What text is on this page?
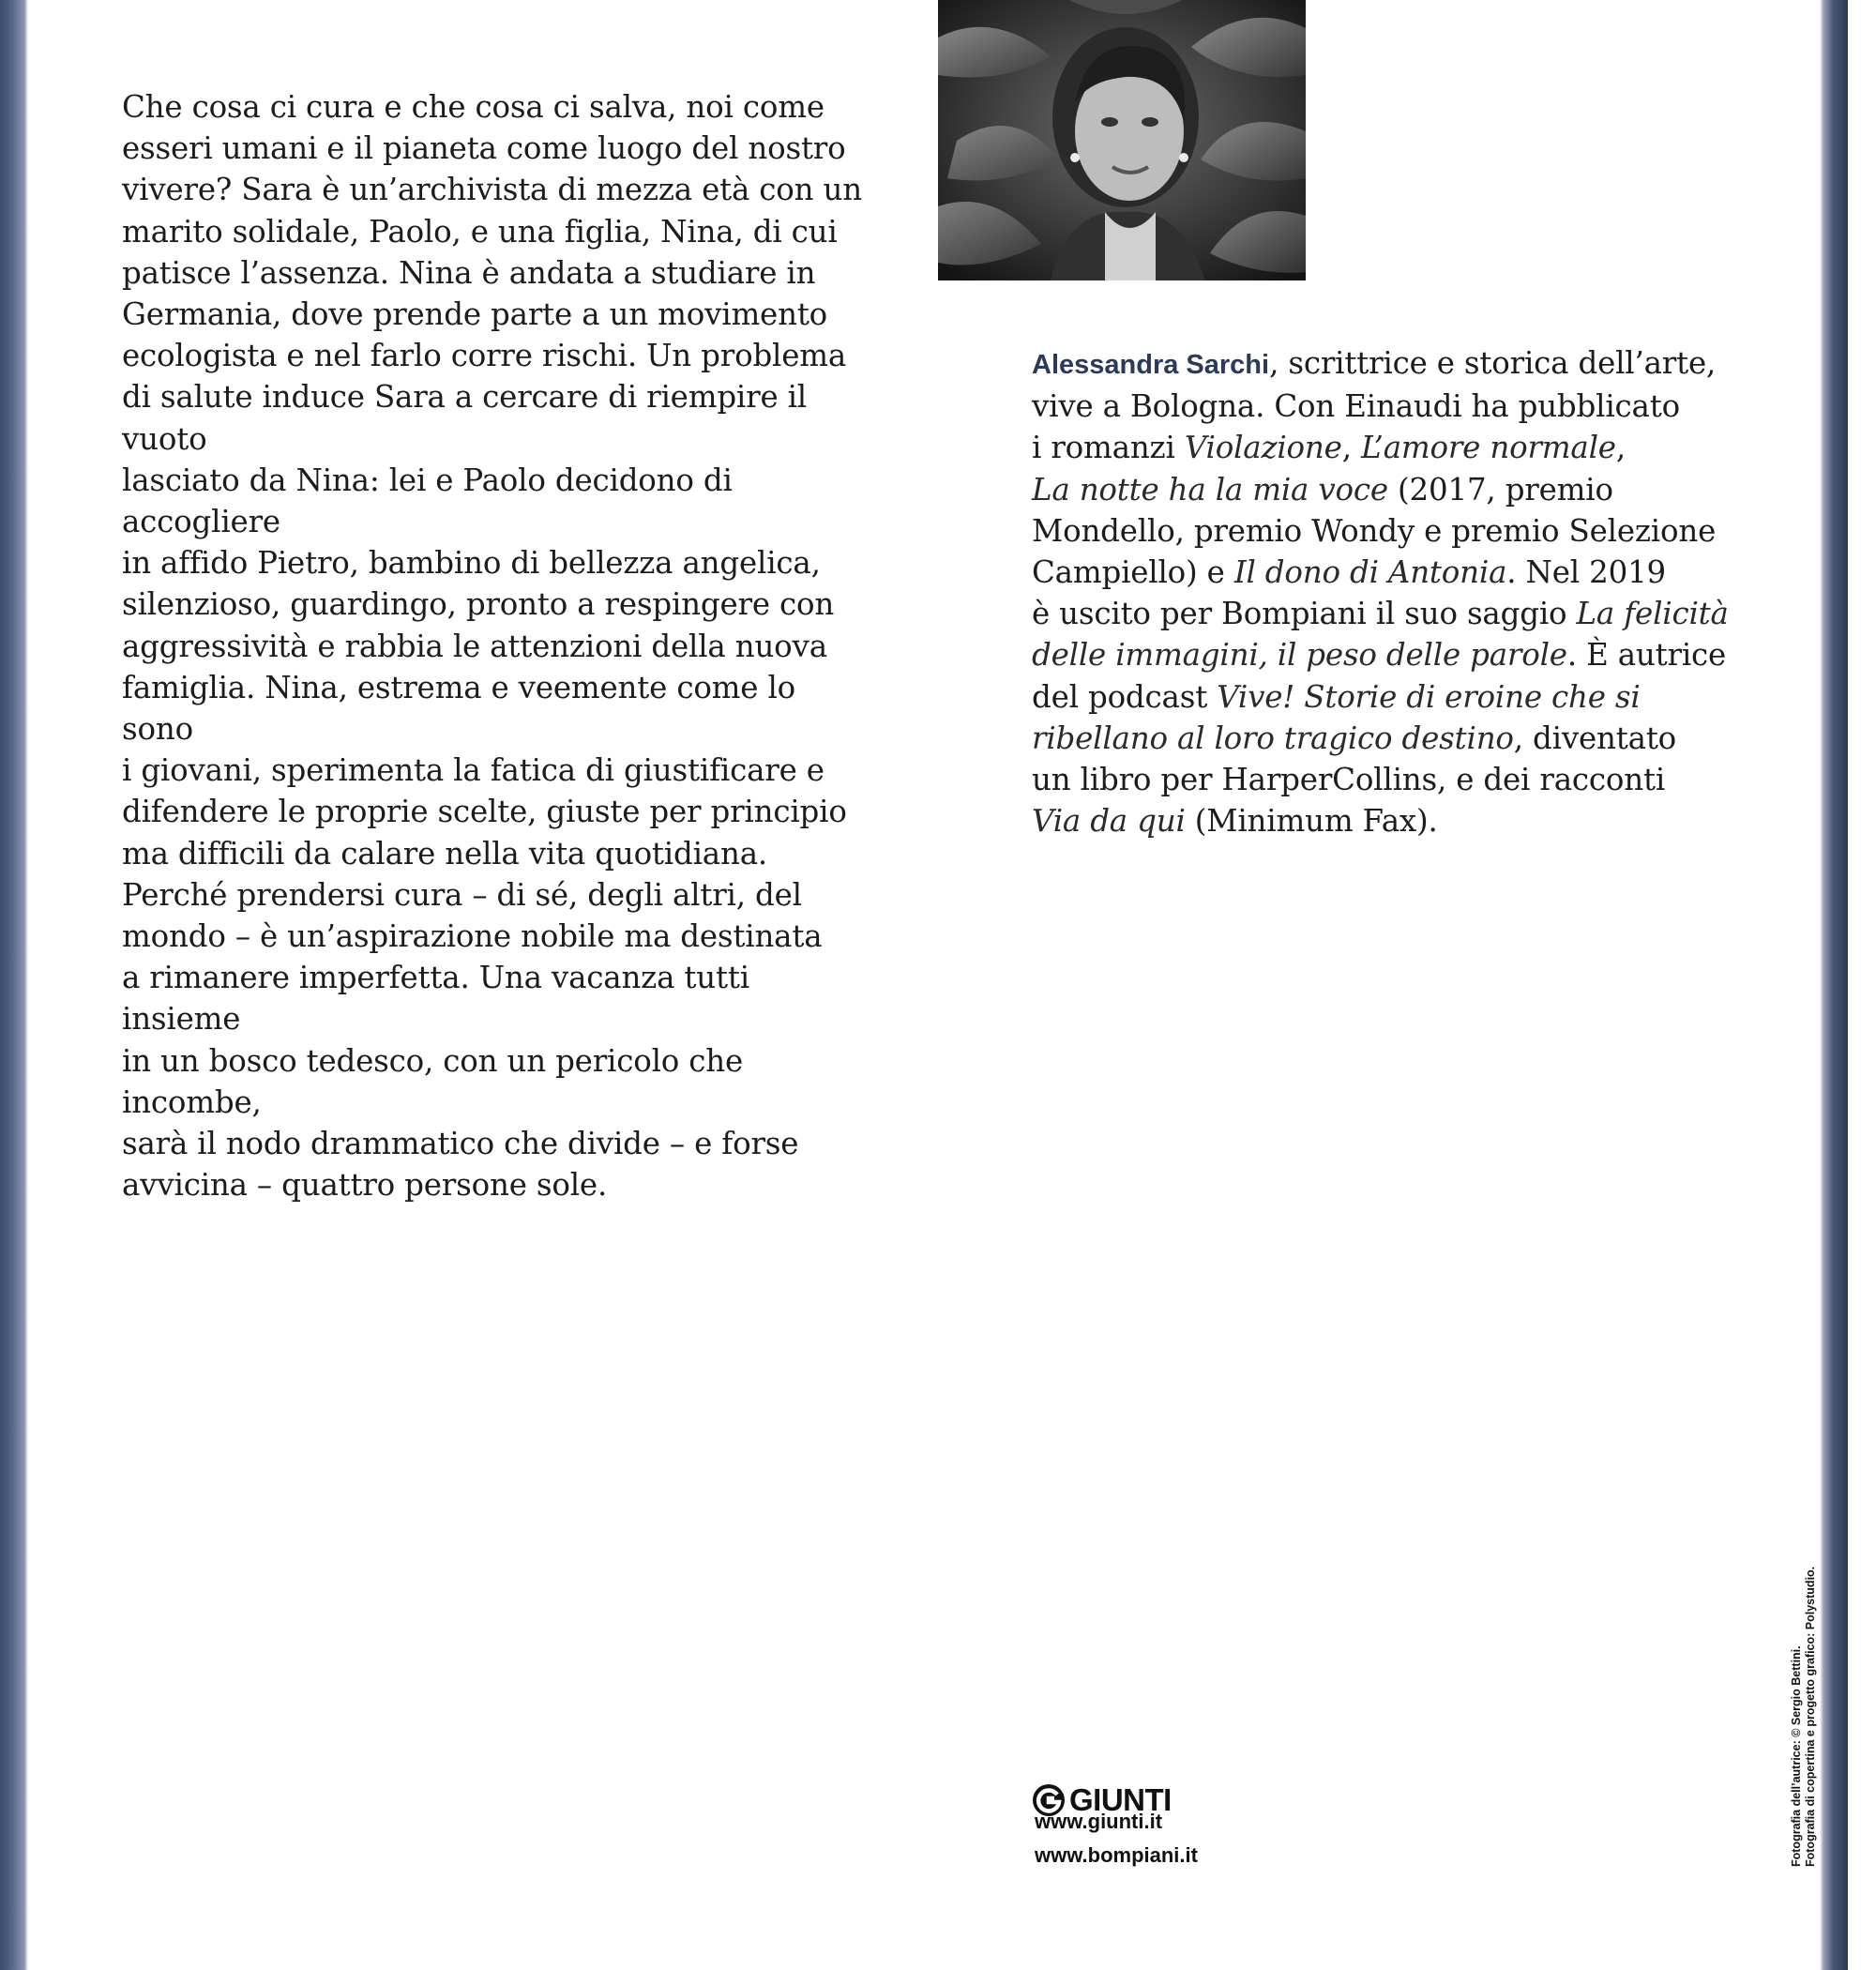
Che cosa ci cura e che cosa ci salva, noi come
esseri umani e il pianeta come luogo del nostro
vivere? Sara è un’archivista di mezza età con un
marito solidale, Paolo, e una figlia, Nina, di cui
patisce l’assenza. Nina è andata a studiare in
Germania, dove prende parte a un movimento
ecologista e nel farlo corre rischi. Un problema
di salute induce Sara a cercare di riempire il vuoto
lasciato da Nina: lei e Paolo decidono di accogliere
in affido Pietro, bambino di bellezza angelica,
silenzioso, guardingo, pronto a respingere con
aggressività e rabbia le attenzioni della nuova
famiglia. Nina, estrema e veemente come lo sono
i giovani, sperimenta la fatica di giustificare e
difendere le proprie scelte, giuste per principio
ma difficili da calare nella vita quotidiana.
Perché prendersi cura – di sé, degli altri, del
mondo – è un’aspirazione nobile ma destinata
a rimanere imperfetta. Una vacanza tutti insieme
in un bosco tedesco, con un pericolo che incombe,
sarà il nodo drammatico che divide – e forse
avvicina – quattro persone sole.

Alessandra Sarchi, scrittrice e storica dell’arte,
vive a Bologna. Con Einaudi ha pubblicato
i romanzi Violazione, L’amore normale,
La notte ha la mia voce (2017, premio
Mondello, premio Wondy e premio Selezione
Campiello) e Il dono di Antonia. Nel 2019
è uscito per Bompiani il suo saggio La felicità
delle immagini, il peso delle parole. È autrice
del podcast Vive! Storie di eroine che si
ribellano al loro tragico destino, diventato
un libro per HarperCollins, e dei racconti
Via da qui (Minimum Fax).

GIUNTI
www.giunti.it
www.bompiani.it	Fotografia dell’autrice: © Sergio Bettini. Fotografia di copertina e progetto grafico: Polystudio.
